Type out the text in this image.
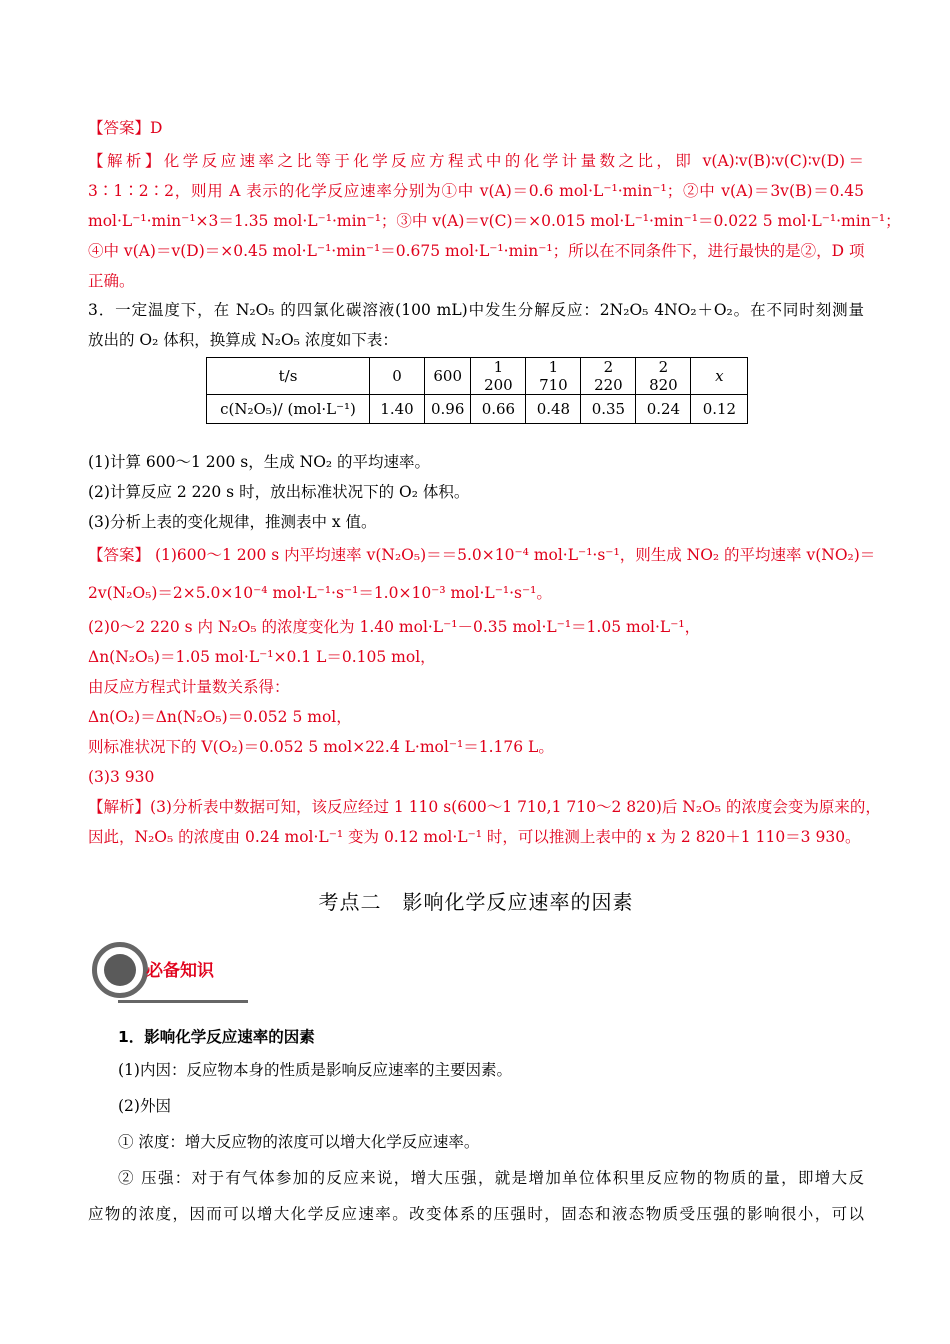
【答案】D
【解析】化学反应速率之比等于化学反应方程式中的化学计量数之比，即 v(A)∶v(B)∶v(C)∶v(D)＝
3∶1∶2∶2，则用 A 表示的化学反应速率分别为①中 v(A)＝0.6 mol·L⁻¹·min⁻¹；②中 v(A)＝3v(B)＝0.45
mol·L⁻¹·min⁻¹×3＝1.35 mol·L⁻¹·min⁻¹；③中 v(A)＝v(C)＝×0.015 mol·L⁻¹·min⁻¹＝0.022 5 mol·L⁻¹·min⁻¹；
④中 v(A)＝v(D)＝×0.45 mol·L⁻¹·min⁻¹＝0.675 mol·L⁻¹·min⁻¹；所以在不同条件下，进行最快的是②，D 项
正确。
3．一定温度下，在 N₂O₅ 的四氯化碳溶液(100 mL)中发生分解反应：2N₂O₅ 4NO₂＋O₂。在不同时刻测量
放出的 O₂ 体积，换算成 N₂O₅ 浓度如下表：
t/s	0	600	1 200	1 710	2 220	2 820	x
c(N₂O₅)/ (mol·L⁻¹)	1.40	0.96	0.66	0.48	0.35	0.24	0.12
(1)计算 600～1 200 s，生成 NO₂ 的平均速率。
(2)计算反应 2 220 s 时，放出标准状况下的 O₂ 体积。
(3)分析上表的变化规律，推测表中 x 值。
【答案】 (1)600～1 200 s 内平均速率 v(N₂O₅)＝＝5.0×10⁻⁴ mol·L⁻¹·s⁻¹，则生成 NO₂ 的平均速率 v(NO₂)＝
2v(N₂O₅)＝2×5.0×10⁻⁴ mol·L⁻¹·s⁻¹＝1.0×10⁻³ mol·L⁻¹·s⁻¹。
(2)0～2 220 s 内 N₂O₅ 的浓度变化为 1.40 mol·L⁻¹－0.35 mol·L⁻¹＝1.05 mol·L⁻¹，
Δn(N₂O₅)＝1.05 mol·L⁻¹×0.1 L＝0.105 mol，
由反应方程式计量数关系得：
Δn(O₂)＝Δn(N₂O₅)＝0.052 5 mol，
则标准状况下的 V(O₂)＝0.052 5 mol×22.4 L·mol⁻¹＝1.176 L。
(3)3 930
【解析】(3)分析表中数据可知，该反应经过 1 110 s(600～1 710,1 710～2 820)后 N₂O₅ 的浓度会变为原来的，
因此，N₂O₅ 的浓度由 0.24 mol·L⁻¹ 变为 0.12 mol·L⁻¹ 时，可以推测上表中的 x 为 2 820＋1 110＝3 930。
考点二　影响化学反应速率的因素
必备知识
1．影响化学反应速率的因素
(1)内因：反应物本身的性质是影响反应速率的主要因素。
(2)外因
① 浓度：增大反应物的浓度可以增大化学反应速率。
② 压强：对于有气体参加的反应来说，增大压强，就是增加单位体积里反应物的物质的量，即增大反
应物的浓度，因而可以增大化学反应速率。改变体系的压强时，固态和液态物质受压强的影响很小，可以
